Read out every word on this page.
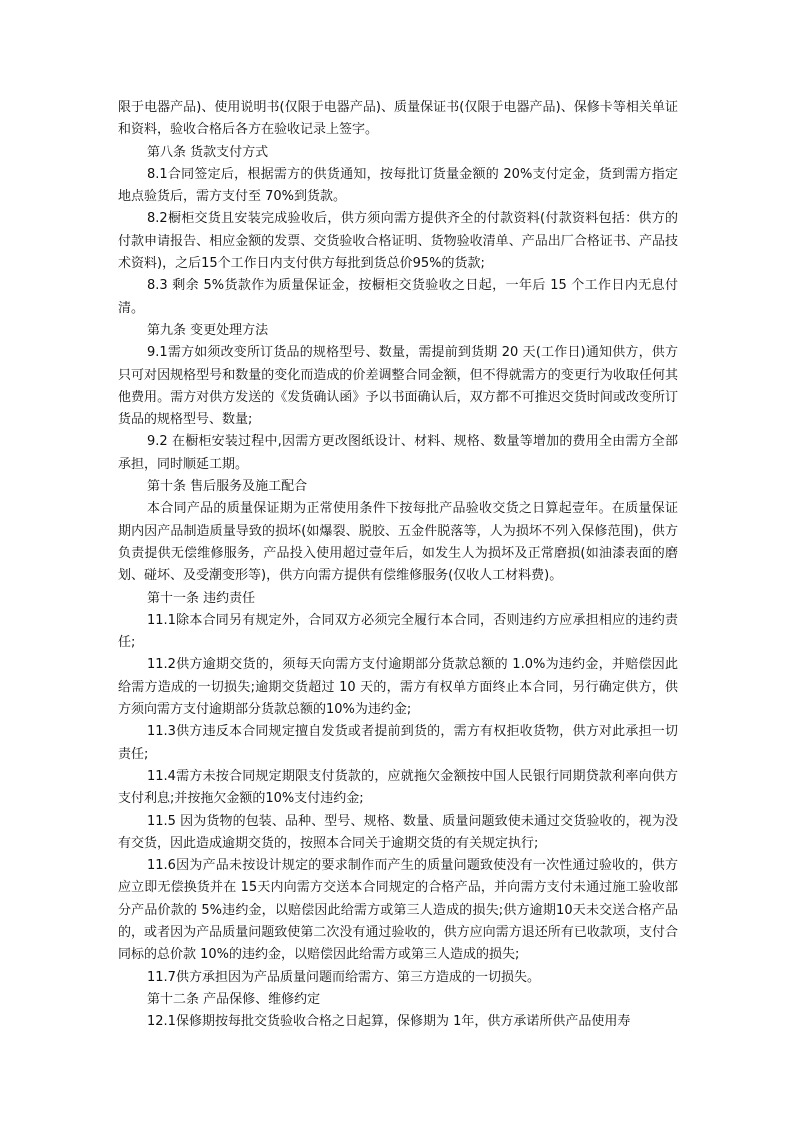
限于电器产品)、使用说明书(仅限于电器产品)、质量保证书(仅限于电器产品)、保修卡等相关单证和资料，验收合格后各方在验收记录上签字。

第八条 货款支付方式

8.1合同签定后，根据需方的供货通知，按每批订货量金额的 20%支付定金，货到需方指定地点验货后，需方支付至 70%到货款。

8.2橱柜交货且安装完成验收后，供方须向需方提供齐全的付款资料(付款资料包括：供方的付款申请报告、相应金额的发票、交货验收合格证明、货物验收清单、产品出厂合格证书、产品技术资料)，之后15个工作日内支付供方每批到货总价95%的货款;

8.3 剩余 5%货款作为质量保证金，按橱柜交货验收之日起，一年后 15 个工作日内无息付清。

第九条 变更处理方法

9.1需方如须改变所订货品的规格型号、数量，需提前到货期 20 天(工作日)通知供方，供方只可对因规格型号和数量的变化而造成的价差调整合同金额，但不得就需方的变更行为收取任何其他费用。需方对供方发送的《发货确认函》予以书面确认后，双方都不可推迟交货时间或改变所订货品的规格型号、数量;

9.2 在橱柜安装过程中,因需方更改图纸设计、材料、规格、数量等增加的费用全由需方全部承担，同时顺延工期。

第十条 售后服务及施工配合

本合同产品的质量保证期为正常使用条件下按每批产品验收交货之日算起壹年。在质量保证期内因产品制造质量导致的损坏(如爆裂、脱胶、五金件脱落等，人为损坏不列入保修范围)，供方负责提供无偿维修服务，产品投入使用超过壹年后，如发生人为损坏及正常磨损(如油漆表面的磨划、碰坏、及受潮变形等)，供方向需方提供有偿维修服务(仅收人工材料费)。

第十一条 违约责任

11.1除本合同另有规定外，合同双方必须完全履行本合同，否则违约方应承担相应的违约责任;

11.2供方逾期交货的，须每天向需方支付逾期部分货款总额的 1.0%为违约金，并赔偿因此给需方造成的一切损失;逾期交货超过 10 天的，需方有权单方面终止本合同，另行确定供方，供方须向需方支付逾期部分货款总额的10%为违约金;

11.3供方违反本合同规定擅自发货或者提前到货的，需方有权拒收货物，供方对此承担一切责任;

11.4需方未按合同规定期限支付货款的，应就拖欠金额按中国人民银行同期贷款利率向供方支付利息;并按拖欠金额的10%支付违约金;

11.5 因为货物的包装、品种、型号、规格、数量、质量问题致使未通过交货验收的，视为没有交货，因此造成逾期交货的，按照本合同关于逾期交货的有关规定执行;

11.6因为产品未按设计规定的要求制作而产生的质量问题致使没有一次性通过验收的，供方应立即无偿换货并在 15天内向需方交送本合同规定的合格产品，并向需方支付未通过施工验收部分产品价款的 5%违约金，以赔偿因此给需方或第三人造成的损失;供方逾期10天未交送合格产品的，或者因为产品质量问题致使第二次没有通过验收的，供方应向需方退还所有已收款项，支付合同标的总价款 10%的违约金，以赔偿因此给需方或第三人造成的损失;

11.7供方承担因为产品质量问题而给需方、第三方造成的一切损失。

第十二条 产品保修、维修约定

12.1保修期按每批交货验收合格之日起算，保修期为 1年，供方承诺所供产品使用寿
